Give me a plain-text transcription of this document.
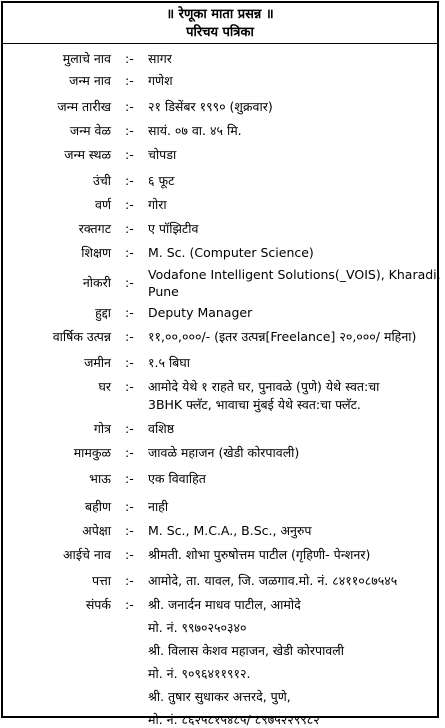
॥ रेणूका माता प्रसन्न ॥
परिचय पत्रिका
मुलाचे नाव :- सागर
जन्म नाव :- गणेश
जन्म तारीख :- २१ डिसेंबर १९९० (शुक्रवार)
जन्म वेळ :- सायं. ०७ वा. ४५ मि.
जन्म स्थळ :- चोपडा
उंची :- ६ फूट
वर्ण :- गोरा
रक्तगट :- ए पॉझिटीव
शिक्षण :- M. Sc. (Computer Science)
नोकरी :-
Vodafone Intelligent Solutions(_VOIS), Kharadi,
Pune
हुद्दा :- Deputy Manager
वार्षिक उत्पन्न :- ११,००,०००/- (इतर उत्पन्न[Freelance] २०,०००/ महिना)
जमीन :- १.५ बिघा
घर :- आमोदे येथे १ राहते घर, पुनावळे (पुणे) येथे स्वत:चा
3BHK फ्लॅट, भावाचा मुंबई येथे स्वत:चा फ्लॅट.
गोत्र :- वशिष्ठ
मामकुळ :- जावळे महाजन (खेडी कोरपावली)
भाऊ :- एक विवाहित
बहीण :- नाही
अपेक्षा :- M. Sc., M.C.A., B.Sc., अनुरुप
आईचे नाव :- श्रीमती. शोभा पुरुषोत्तम पाटील (गृहिणी- पेन्शनर)
पत्ता :- आमोदे, ता. यावल, जि. जळगाव.मो. नं. ८४११०८७५४५
संपर्क :- श्री. जनार्दन माधव पाटील, आमोदे
मो. नं. ९९७०२५०३४०
श्री. विलास केशव महाजन, खेडी कोरपावली
मो. नं. ९०९६४११९१२.
श्री. तुषार सुधाकर अत्तरदे, पुणे,
मो. नं. ८६२५८१५४८५/ ८९७५२२९९८२
